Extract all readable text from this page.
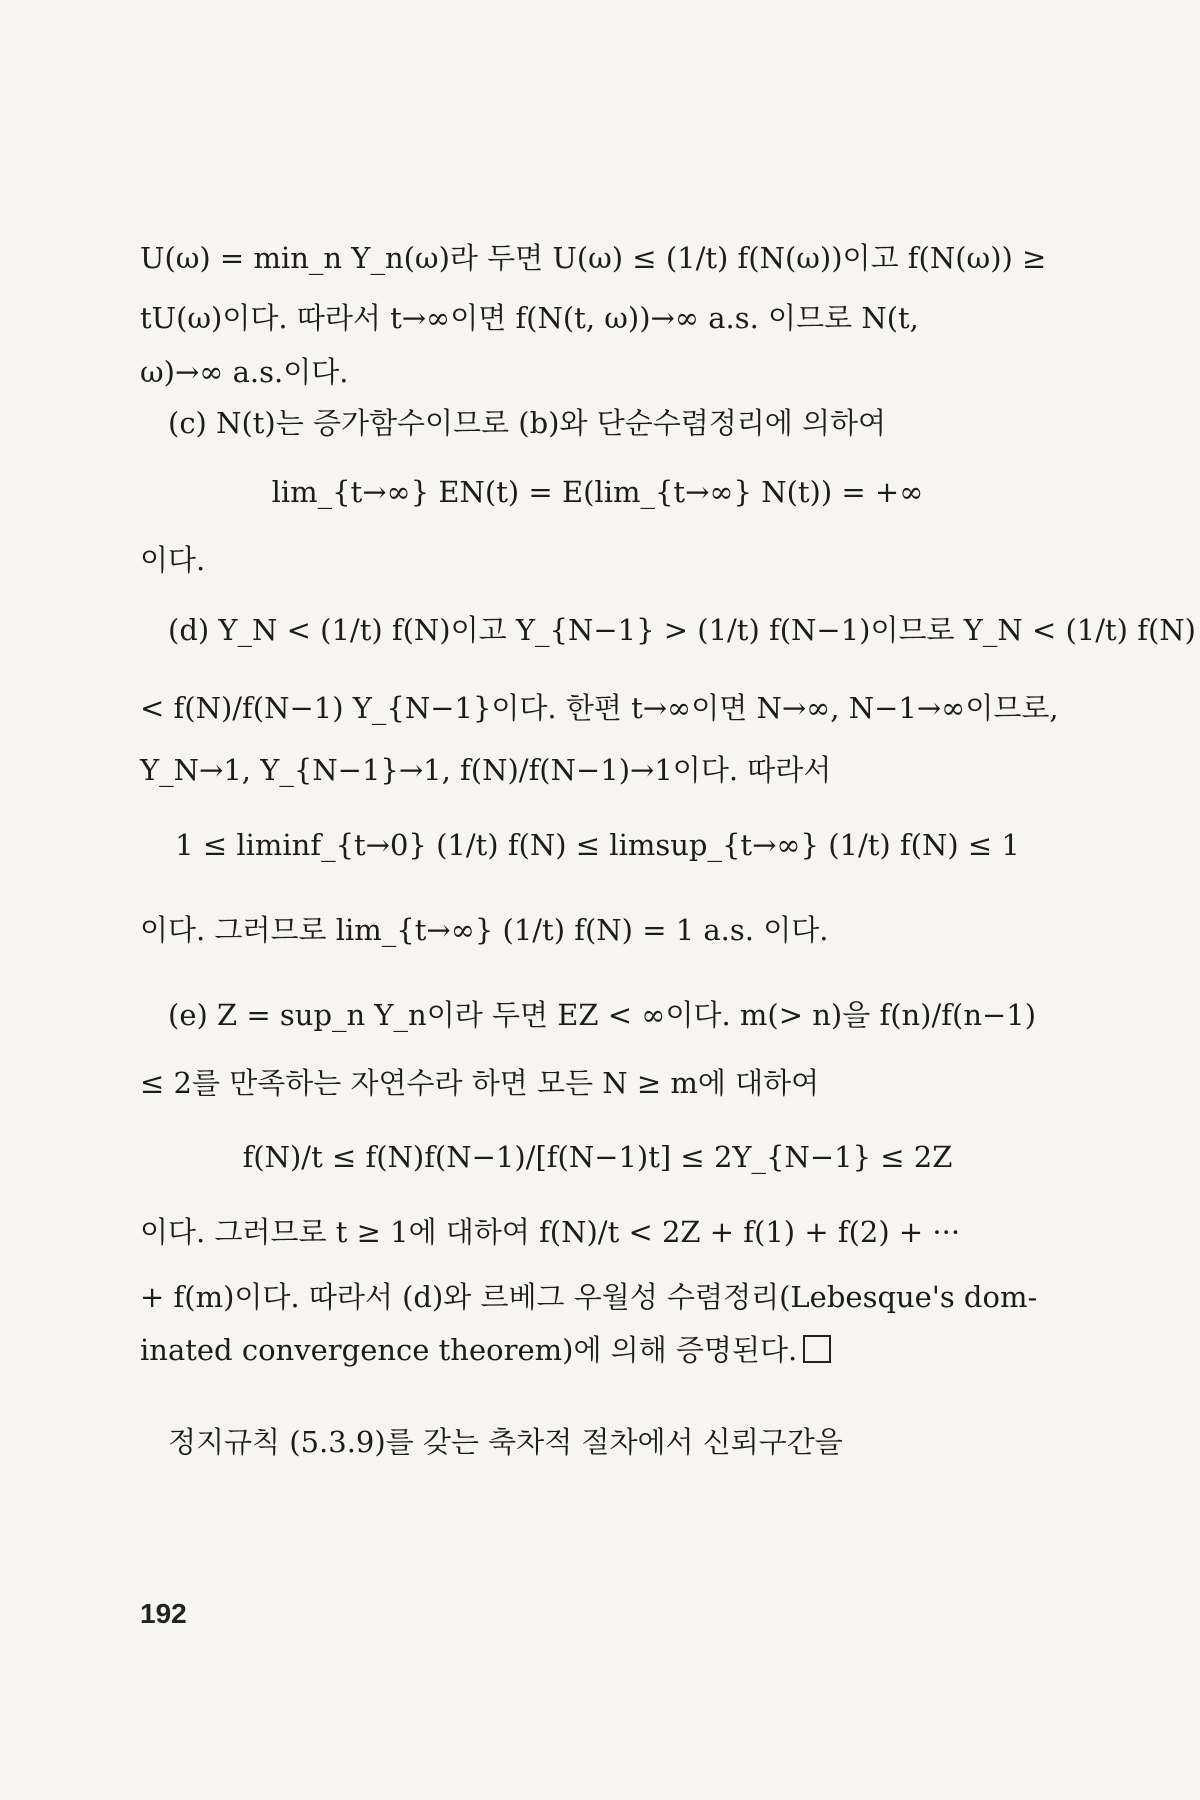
U(ω) = min_n Y_n(ω)라 두면 U(ω) ≤ (1/t) f(N(ω))이고 f(N(ω)) ≥
tU(ω)이다. 따라서 t→∞이면 f(N(t, ω))→∞ a.s. 이므로 N(t,
ω)→∞ a.s.이다.
(c) N(t)는 증가함수이므로 (b)와 단순수렴정리에 의하여
lim_{t→∞} EN(t) = E(lim_{t→∞} N(t)) = +∞
이다.
(d) Y_N < (1/t) f(N)이고 Y_{N−1} > (1/t) f(N−1)이므로 Y_N < (1/t) f(N)
< f(N)/f(N−1) Y_{N−1}이다. 한편 t→∞이면 N→∞, N−1→∞이므로,
Y_N→1, Y_{N−1}→1, f(N)/f(N−1)→1이다. 따라서
1 ≤ liminf_{t→0} (1/t) f(N) ≤ limsup_{t→∞} (1/t) f(N) ≤ 1
이다. 그러므로 lim_{t→∞} (1/t) f(N) = 1 a.s. 이다.
(e) Z = sup_n Y_n이라 두면 EZ < ∞이다. m(> n)을 f(n)/f(n−1)
≤ 2를 만족하는 자연수라 하면 모든 N ≥ m에 대하여
f(N)/t ≤ f(N)f(N−1)/[f(N−1)t] ≤ 2Y_{N−1} ≤ 2Z
이다. 그러므로 t ≥ 1에 대하여 f(N)/t < 2Z + f(1) + f(2) + ···
+ f(m)이다. 따라서 (d)와 르베그 우월성 수렴정리(Lebesque's dom-
inated convergence theorem)에 의해 증명된다.
정지규칙 (5.3.9)를 갖는 축차적 절차에서 신뢰구간을
192
